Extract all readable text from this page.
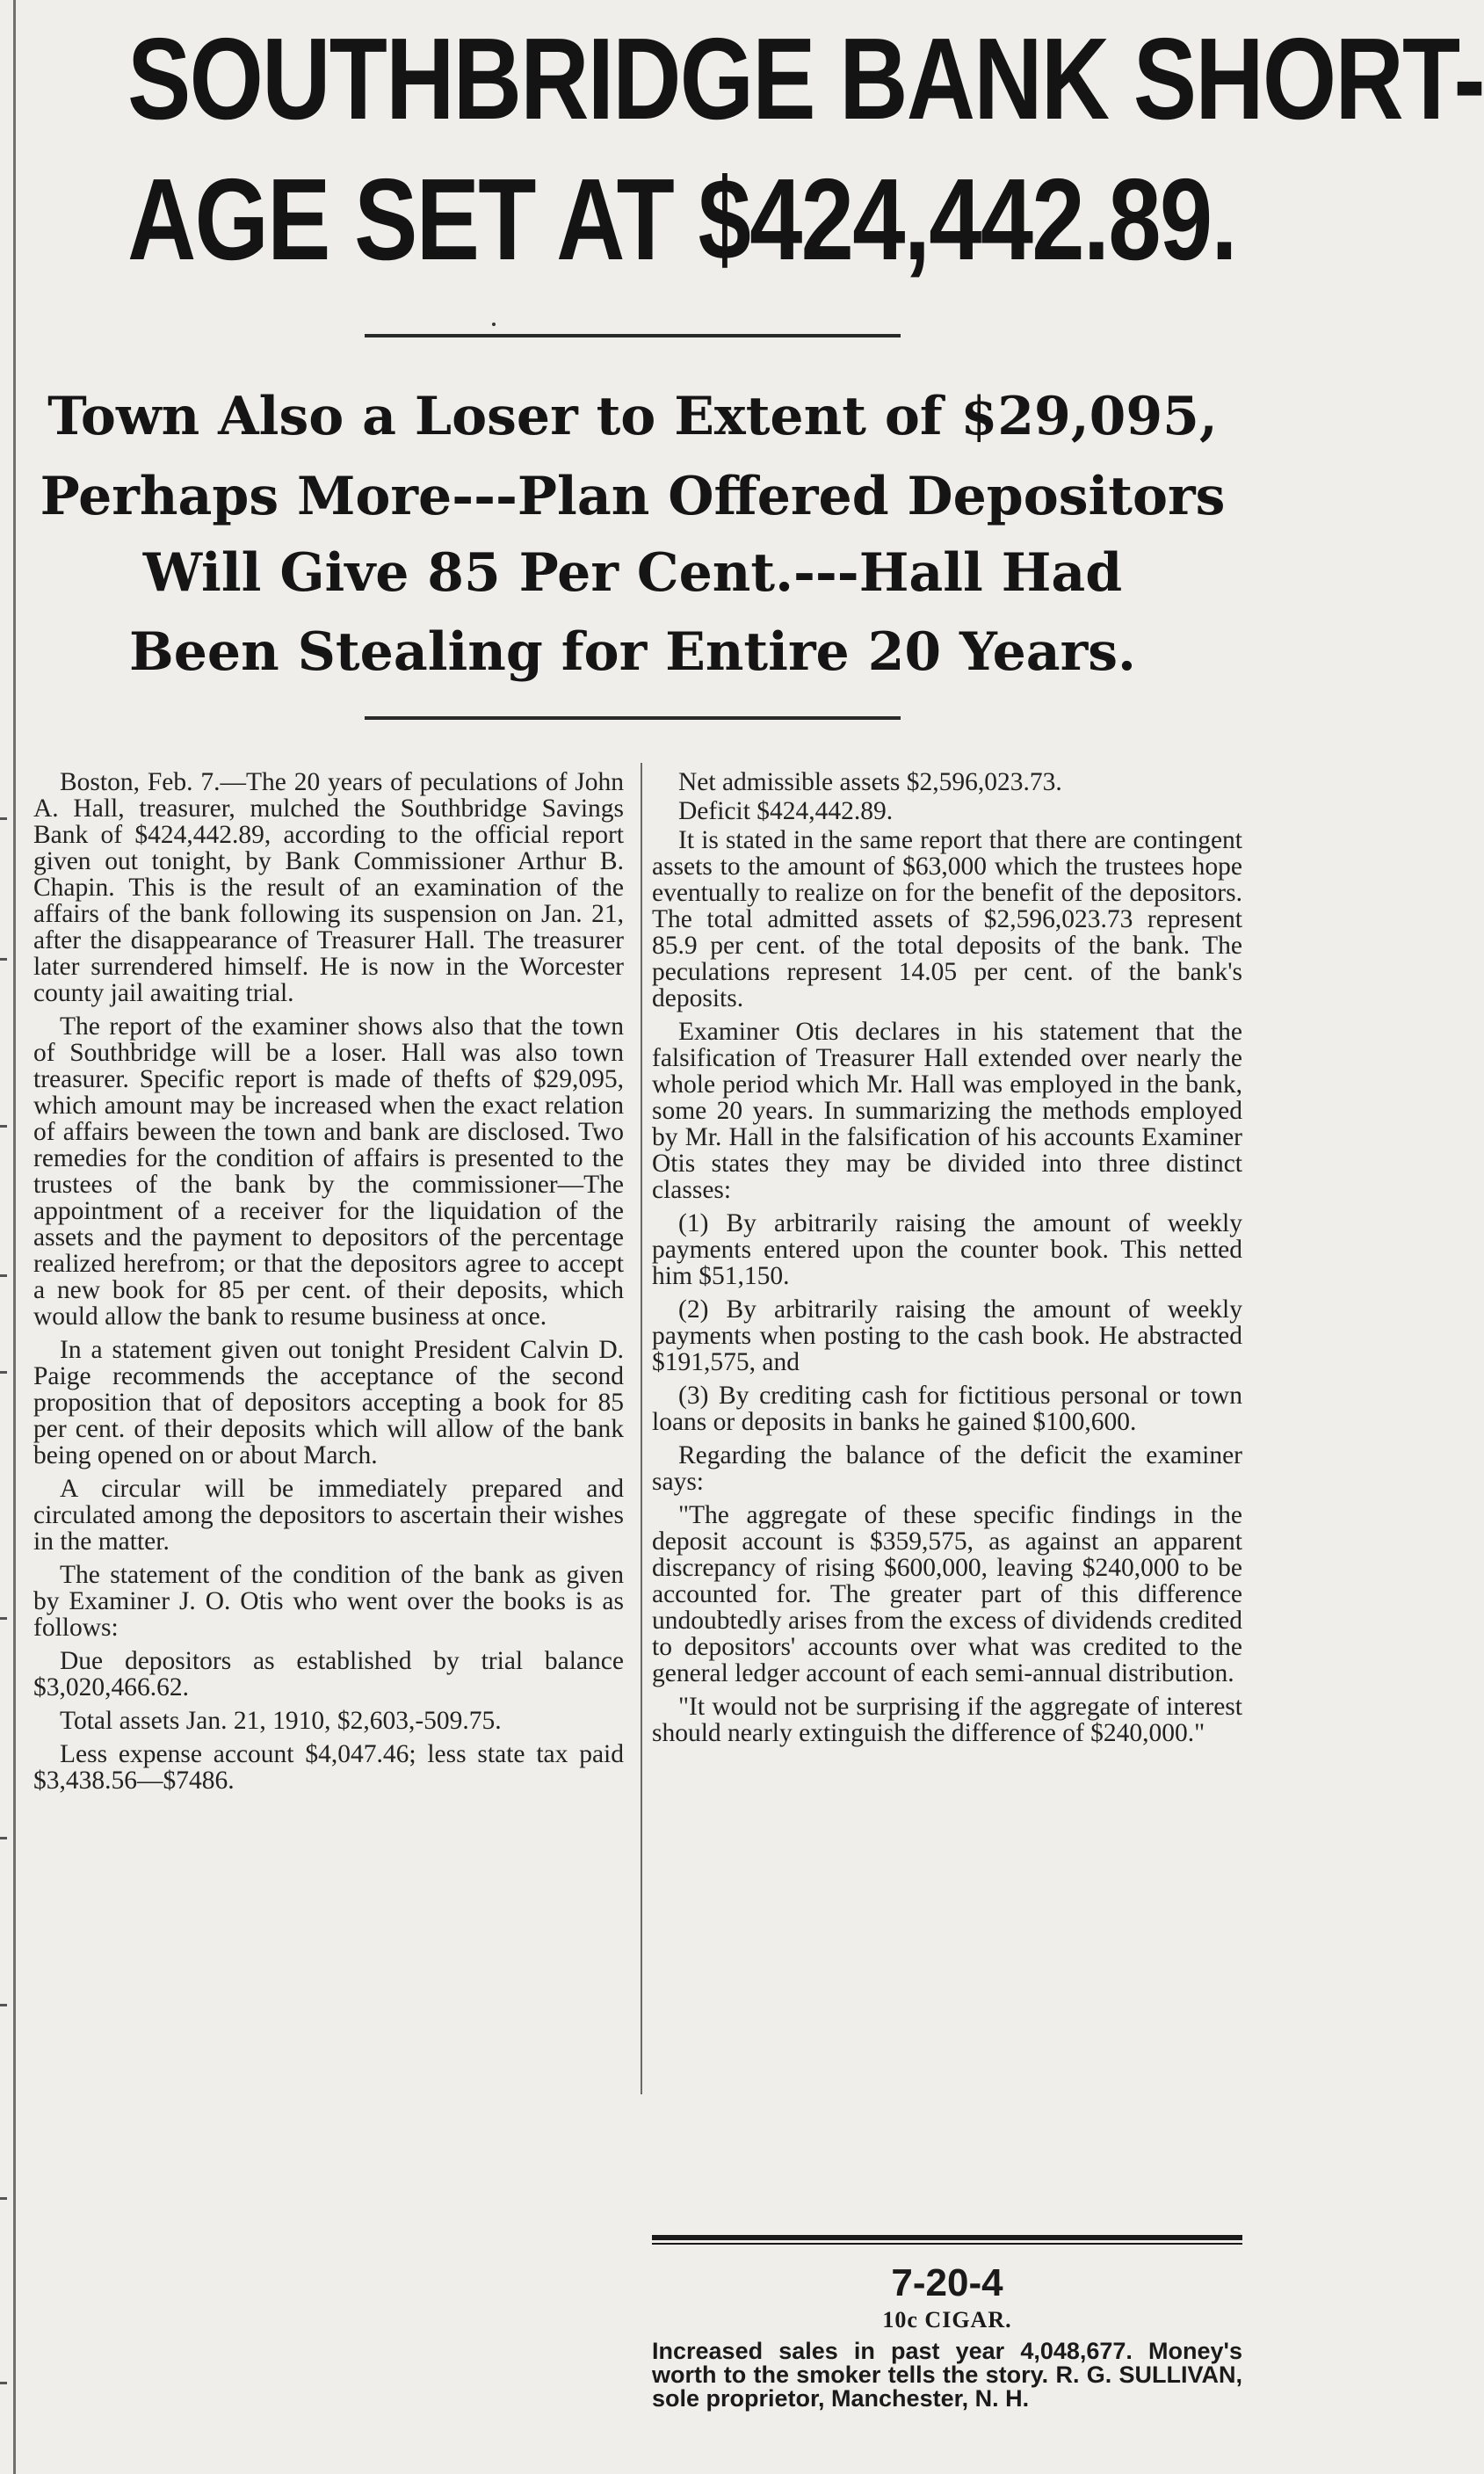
SOUTHBRIDGE BANK SHORT-
AGE SET AT $424,442.89.
Town Also a Loser to Extent of $29,095,
Perhaps More---Plan Offered Depositors
Will Give 85 Per Cent.---Hall Had
Been Stealing for Entire 20 Years.

Boston, Feb. 7.—The 20 years of peculations of John A. Hall, treasurer, mulched the Southbridge Savings Bank of $424,442.89, according to the official report given out tonight, by Bank Commissioner Arthur B. Chapin. This is the result of an examination of the affairs of the bank following its suspension on Jan. 21, after the disappearance of Treasurer Hall. The treasurer later surrendered himself. He is now in the Worcester county jail awaiting trial.

The report of the examiner shows also that the town of Southbridge will be a loser. Hall was also town treasurer. Specific report is made of thefts of $29,095, which amount may be increased when the exact relation of affairs beween the town and bank are disclosed. Two remedies for the condition of affairs is presented to the trustees of the bank by the commissioner—The appointment of a receiver for the liquidation of the assets and the payment to depositors of the percentage realized herefrom; or that the depositors agree to accept a new book for 85 per cent. of their deposits, which would allow the bank to resume business at once.

In a statement given out tonight President Calvin D. Paige recommends the acceptance of the second proposition that of depositors accepting a book for 85 per cent. of their deposits which will allow of the bank being opened on or about March.

A circular will be immediately prepared and circulated among the depositors to ascertain their wishes in the matter.

The statement of the condition of the bank as given by Examiner J. O. Otis who went over the books is as follows:

Due depositors as established by trial balance $3,020,466.62.

Total assets Jan. 21, 1910, $2,603,-509.75.

Less expense account $4,047.46; less state tax paid $3,438.56—$7486.

Net admissible assets $2,596,023.73.

Deficit $424,442.89.

It is stated in the same report that there are contingent assets to the amount of $63,000 which the trustees hope eventually to realize on for the benefit of the depositors. The total admitted assets of $2,596,023.73 represent 85.9 per cent. of the total deposits of the bank. The peculations represent 14.05 per cent. of the bank's deposits.

Examiner Otis declares in his statement that the falsification of Treasurer Hall extended over nearly the whole period which Mr. Hall was employed in the bank, some 20 years. In summarizing the methods employed by Mr. Hall in the falsification of his accounts Examiner Otis states they may be divided into three distinct classes:

(1) By arbitrarily raising the amount of weekly payments entered upon the counter book. This netted him $51,150.

(2) By arbitrarily raising the amount of weekly payments when posting to the cash book. He abstracted $191,575, and

(3) By crediting cash for fictitious personal or town loans or deposits in banks he gained $100,600.

Regarding the balance of the deficit the examiner says:

"The aggregate of these specific findings in the deposit account is $359,575, as against an apparent discrepancy of rising $600,000, leaving $240,000 to be accounted for. The greater part of this difference undoubtedly arises from the excess of dividends credited to depositors' accounts over what was credited to the general ledger account of each semi-annual distribution.

"It would not be surprising if the aggregate of interest should nearly extinguish the difference of $240,000."

7-20-4
10c CIGAR.

Increased sales in past year 4,048,677. Money's worth to the smoker tells the story. R. G. SULLIVAN, sole proprietor, Manchester, N. H.
